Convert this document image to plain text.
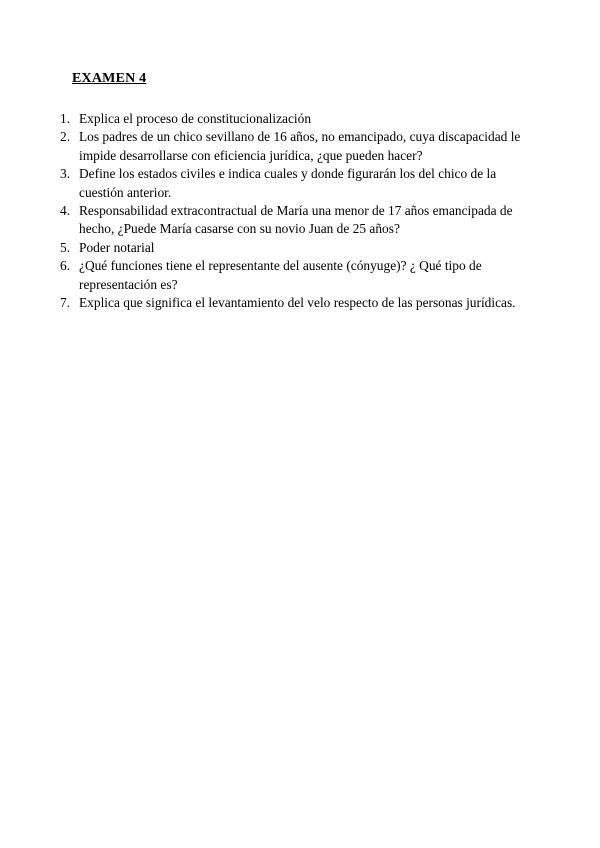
EXAMEN 4
1. Explica el proceso de constitucionalización
2. Los padres de un chico sevillano de 16 años, no emancipado, cuya discapacidad le impide desarrollarse con eficiencia jurídica, ¿que pueden hacer?
3. Define los estados civiles e indica cuales y donde figurarán los del chico de la cuestión anterior.
4. Responsabilidad extracontractual de María una menor de 17 años emancipada de hecho, ¿Puede María casarse con su novio Juan de 25 años?
5. Poder notarial
6. ¿Qué funciones tiene el representante del ausente (cónyuge)? ¿ Qué tipo de representación es?
7. Explica que significa el levantamiento del velo respecto de las personas jurídicas.
